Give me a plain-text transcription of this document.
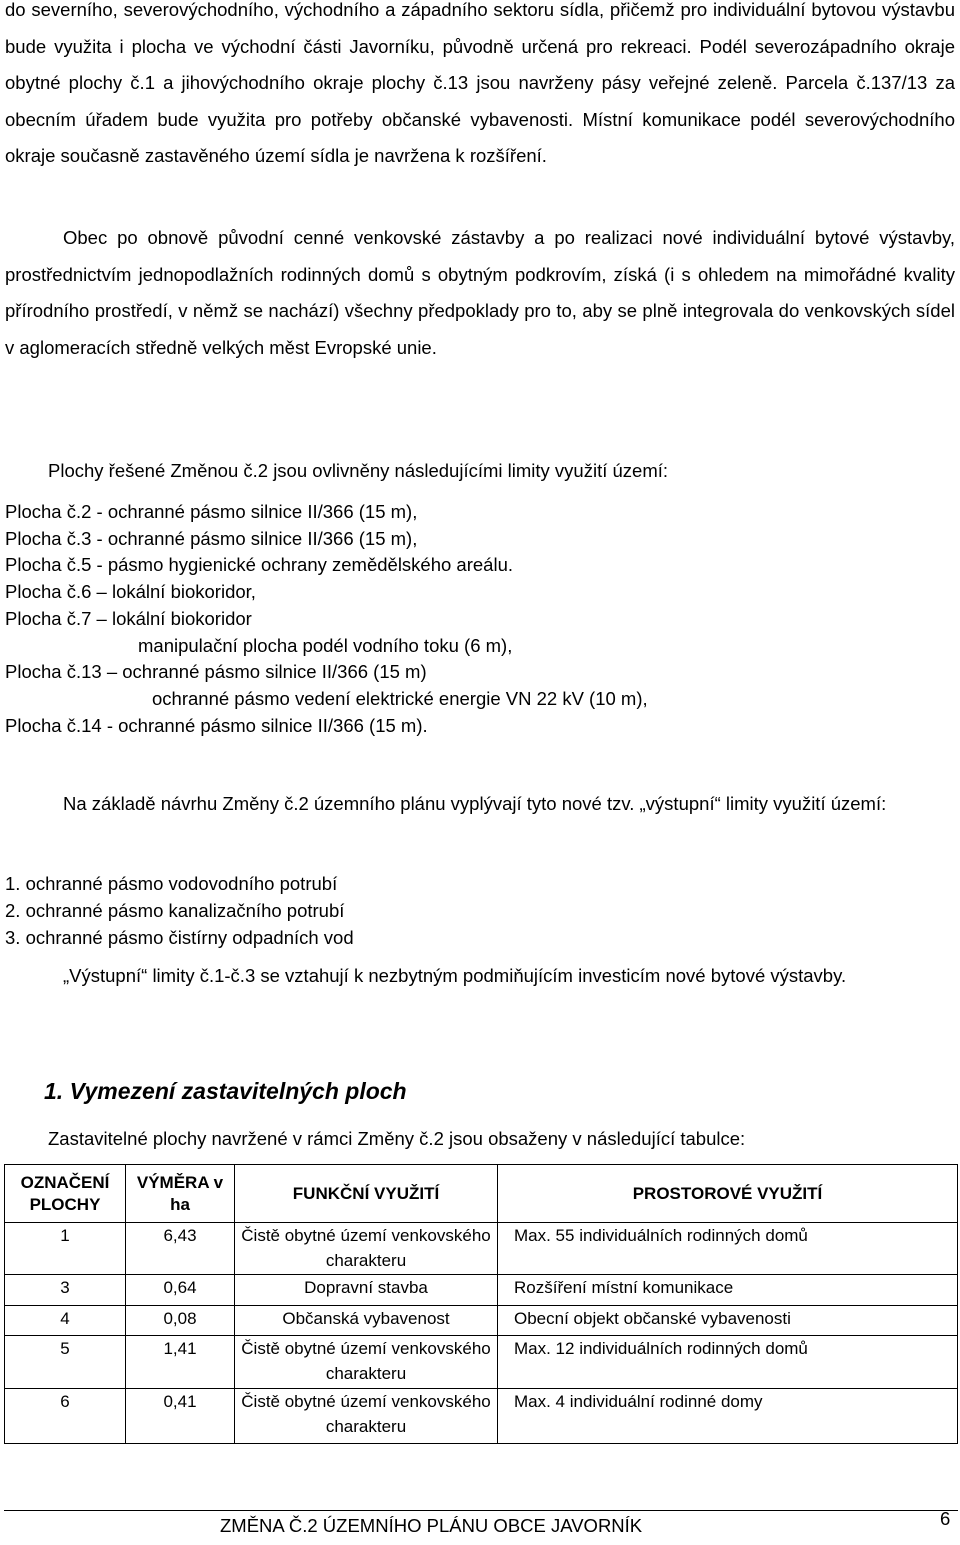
do severního, severovýchodního, východního a západního sektoru sídla, přičemž pro individuální bytovou výstavbu bude využita i plocha ve východní části Javorníku, původně určená pro rekreaci. Podél severozápadního okraje obytné plochy č.1 a jihovýchodního okraje plochy č.13 jsou navrženy pásy veřejné zeleně. Parcela č.137/13 za obecním úřadem bude využita pro potřeby občanské vybavenosti. Místní komunikace podél severovýchodního okraje současně zastavěného území sídla je navržena k rozšíření.

Obec po obnově původní cenné venkovské zástavby a po realizaci nové individuální bytové výstavby, prostřednictvím jednopodlažních rodinných domů s obytným podkrovím, získá (i s ohledem na mimořádné kvality přírodního prostředí, v němž se nachází) všechny předpoklady pro to, aby se plně integrovala do venkovských sídel v aglomeracích středně velkých měst Evropské unie.

Plochy řešené Změnou č.2 jsou ovlivněny následujícími limity využití území:

Plocha č.2 - ochranné pásmo silnice II/366 (15 m),

Plocha č.3 - ochranné pásmo silnice II/366 (15 m),

Plocha č.5 - pásmo hygienické ochrany zemědělského areálu.

Plocha č.6 – lokální biokoridor,

Plocha č.7 – lokální biokoridor

manipulační plocha podél vodního toku (6 m),

Plocha č.13 – ochranné pásmo silnice II/366 (15 m)

ochranné pásmo vedení elektrické energie VN 22 kV (10 m),

Plocha č.14 - ochranné pásmo silnice II/366 (15 m).

Na základě návrhu Změny č.2 územního plánu vyplývají tyto nové tzv. „výstupní“ limity využití území:

1. ochranné pásmo vodovodního potrubí

2. ochranné pásmo kanalizačního potrubí

3. ochranné pásmo čistírny odpadních vod

„Výstupní“ limity č.1-č.3 se vztahují k nezbytným podmiňujícím investicím nové bytové výstavby.

1. Vymezení zastavitelných ploch

Zastavitelné plochy navržené v rámci Změny č.2 jsou obsaženy v následující tabulce:

OZNAČENÍ PLOCHY	VÝMĚRA v ha	FUNKČNÍ VYUŽITÍ	PROSTOROVÉ VYUŽITÍ
1	6,43	Čistě obytné území venkovského charakteru	Max. 55 individuálních rodinných domů
3	0,64	Dopravní stavba	Rozšíření místní komunikace
4	0,08	Občanská vybavenost	Obecní objekt občanské vybavenosti
5	1,41	Čistě obytné území venkovského charakteru	Max. 12 individuálních rodinných domů
6	0,41	Čistě obytné území venkovského charakteru	Max. 4 individuální rodinné domy
ZMĚNA Č.2 ÚZEMNÍHO PLÁNU OBCE JAVORNÍK	6
